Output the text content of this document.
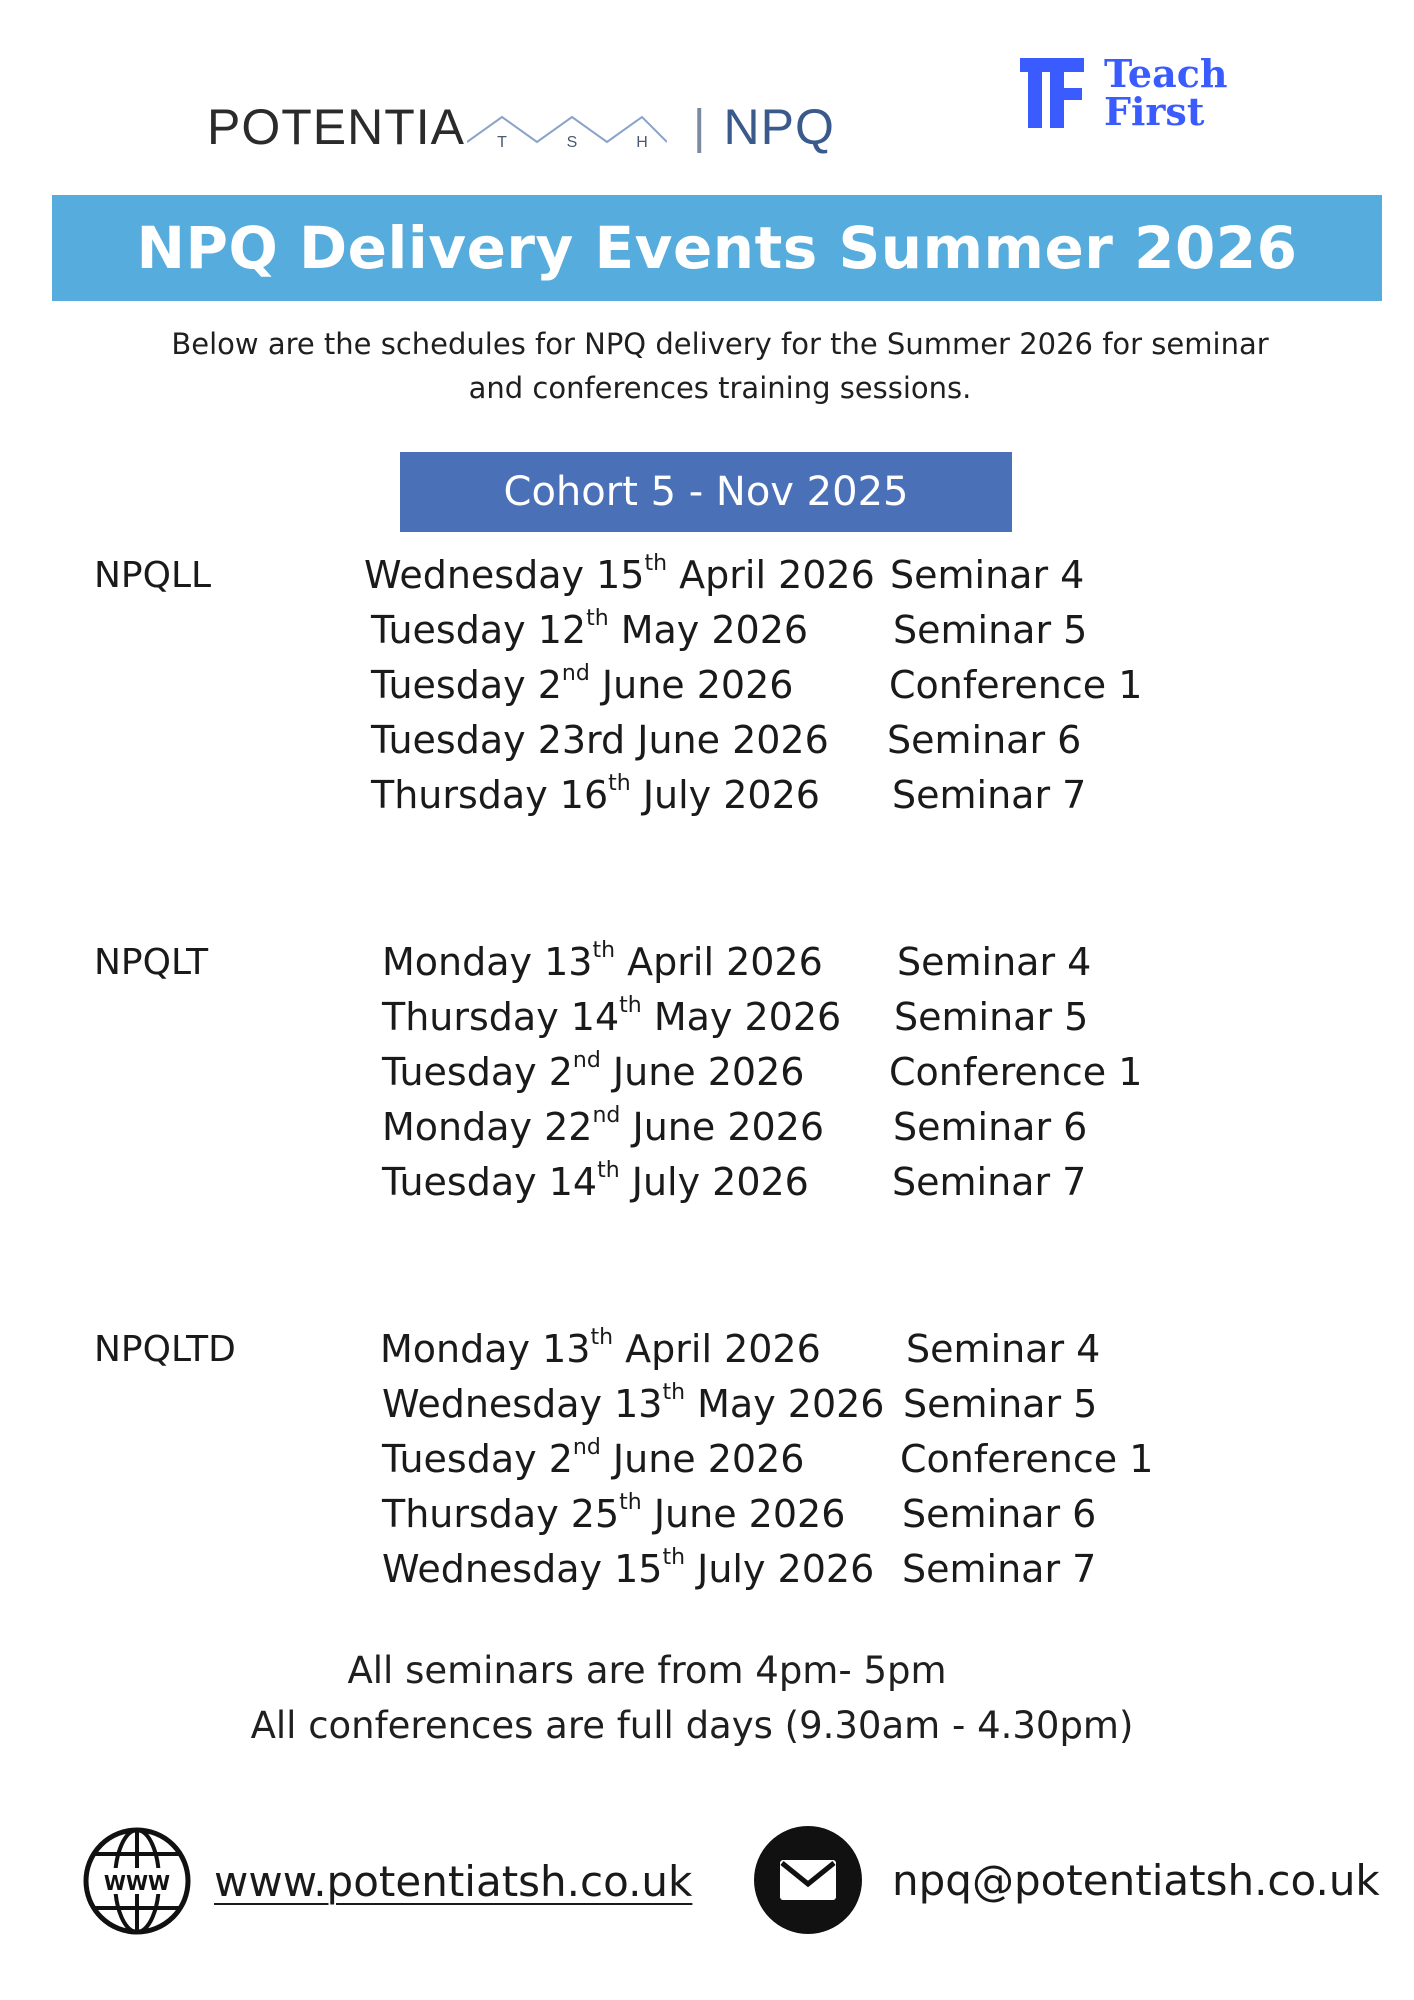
POTENTIA T	S	H | NPQ
Teach
First
NPQ Delivery Events Summer 2026

Below are the schedules for NPQ delivery for the Summer 2026 for seminar

and conferences training sessions.

Cohort 5 - Nov 2025
NPQLL	Wednesday 15th April 2026 Seminar 4
Tuesday 12th May 2026 Seminar 5
Tuesday 2nd June 2026	Conference 1
Tuesday 23rd June 2026 Seminar 6
Thursday 16th July 2026 Seminar 7
NPQLT	Monday 13th April 2026 Seminar 4
Thursday 14th May 2026 Seminar 5
Tuesday 2nd June 2026 Conference 1
Monday 22nd June 2026 Seminar 6
Tuesday 14th July 2026 Seminar 7
NPQLTD	Monday 13th April 2026 Seminar 4
Wednesday 13th May 2026 Seminar 5
Tuesday 2nd June 2026	Conference 1
Thursday 25th June 2026 Seminar 6
Wednesday 15th July 2026 Seminar 7

All seminars are from 4pm- 5pm

All conferences are full days (9.30am - 4.30pm)

WWW www.potentiatsh.co.uk	npq@potentiatsh.co.uk
